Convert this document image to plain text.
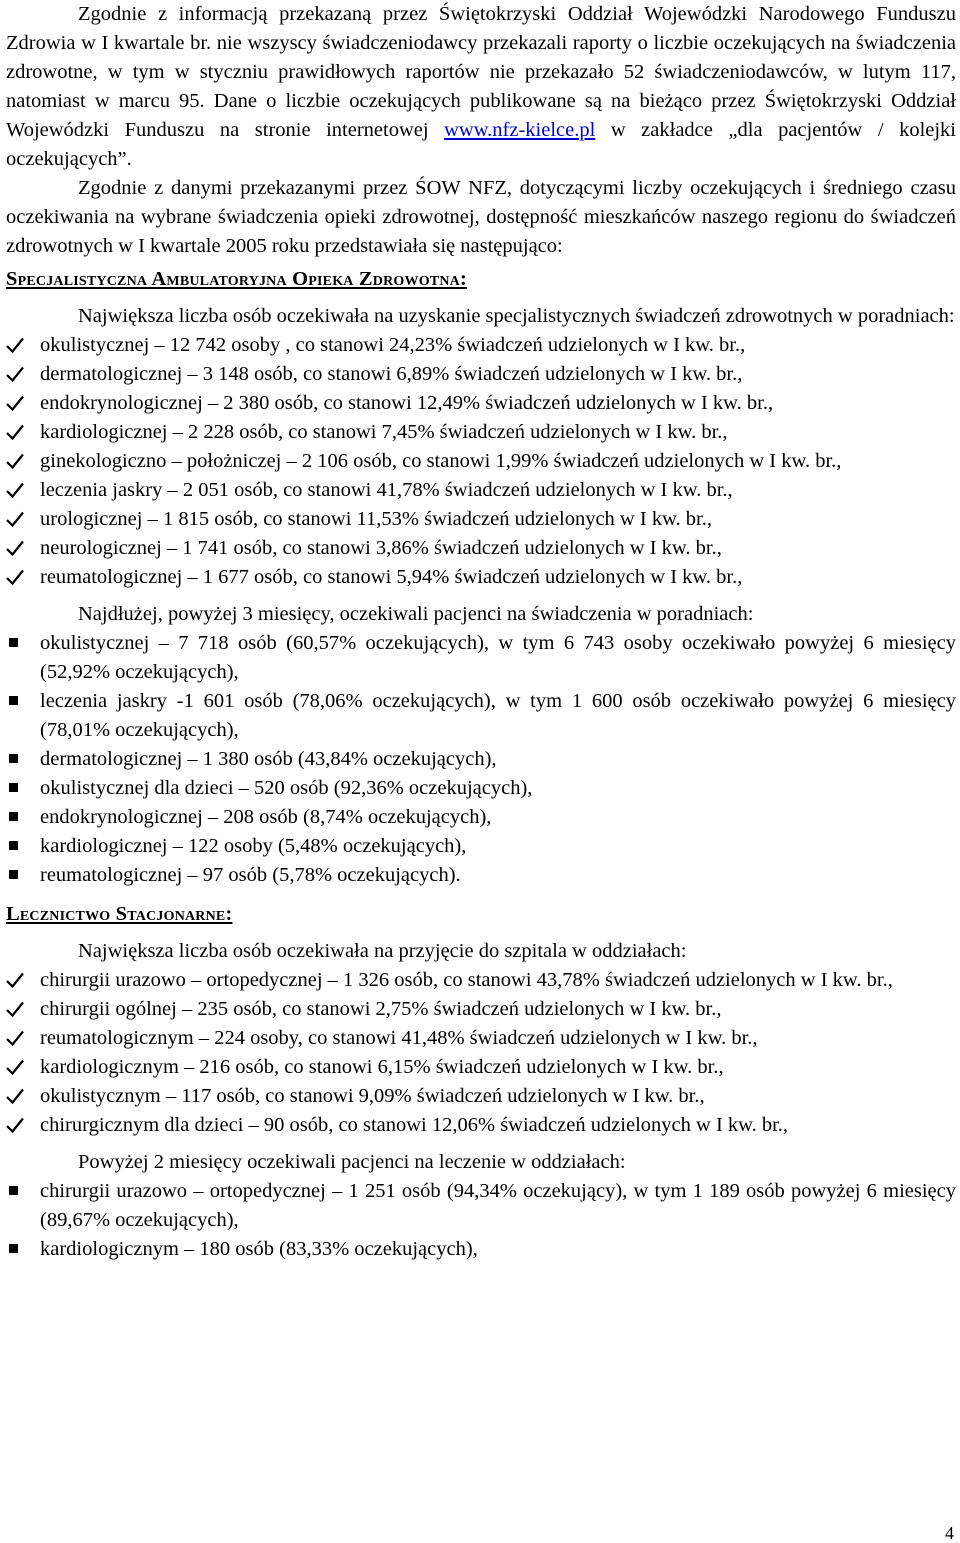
Zgodnie z informacją przekazaną przez Świętokrzyski Oddział Wojewódzki Narodowego Funduszu Zdrowia w I kwartale br. nie wszyscy świadczeniodawcy przekazali raporty o liczbie oczekujących na świadczenia zdrowotne, w tym w styczniu prawidłowych raportów nie przekazało 52 świadczeniodawców, w lutym 117, natomiast w marcu 95. Dane o liczbie oczekujących publikowane są na bieżąco przez Świętokrzyski Oddział Wojewódzki Funduszu na stronie internetowej www.nfz-kielce.pl w zakładce „dla pacjentów / kolejki oczekujących”.

Zgodnie z danymi przekazanymi przez ŚOW NFZ, dotyczącymi liczby oczekujących i średniego czasu oczekiwania na wybrane świadczenia opieki zdrowotnej, dostępność mieszkańców naszego regionu do świadczeń zdrowotnych w I kwartale 2005 roku przedstawiała się następująco:

Specjalistyczna Ambulatoryjna Opieka Zdrowotna:

Największa liczba osób oczekiwała na uzyskanie specjalistycznych świadczeń zdrowotnych w poradniach:

okulistycznej – 12 742 osoby , co stanowi 24,23% świadczeń udzielonych w I kw. br.,
dermatologicznej – 3 148 osób, co stanowi 6,89% świadczeń udzielonych w I kw. br.,
endokrynologicznej – 2 380 osób, co stanowi 12,49% świadczeń udzielonych w I kw. br.,
kardiologicznej – 2 228 osób, co stanowi 7,45% świadczeń udzielonych w I kw. br.,
ginekologiczno – położniczej – 2 106 osób, co stanowi 1,99% świadczeń udzielonych w I kw. br.,
leczenia jaskry – 2 051 osób, co stanowi 41,78% świadczeń udzielonych w I kw. br.,
urologicznej – 1 815 osób, co stanowi 11,53% świadczeń udzielonych w I kw. br.,
neurologicznej – 1 741 osób, co stanowi 3,86% świadczeń udzielonych w I kw. br.,
reumatologicznej – 1 677 osób, co stanowi 5,94% świadczeń udzielonych w I kw. br.,

Najdłużej, powyżej 3 miesięcy, oczekiwali pacjenci na świadczenia w poradniach:

okulistycznej – 7 718 osób (60,57% oczekujących), w tym 6 743 osoby oczekiwało powyżej 6 miesięcy (52,92% oczekujących),
leczenia jaskry -1 601 osób (78,06% oczekujących), w tym 1 600 osób oczekiwało powyżej 6 miesięcy (78,01% oczekujących),
dermatologicznej – 1 380 osób (43,84% oczekujących),
okulistycznej dla dzieci – 520 osób (92,36% oczekujących),
endokrynologicznej – 208 osób (8,74% oczekujących),
kardiologicznej – 122 osoby (5,48% oczekujących),
reumatologicznej – 97 osób (5,78% oczekujących).
Lecznictwo Stacjonarne:

Największa liczba osób oczekiwała na przyjęcie do szpitala w oddziałach:

chirurgii urazowo – ortopedycznej – 1 326 osób, co stanowi 43,78% świadczeń udzielonych w I kw. br.,
chirurgii ogólnej – 235 osób, co stanowi 2,75% świadczeń udzielonych w I kw. br.,
reumatologicznym – 224 osoby, co stanowi 41,48% świadczeń udzielonych w I kw. br.,
kardiologicznym – 216 osób, co stanowi 6,15% świadczeń udzielonych w I kw. br.,
okulistycznym – 117 osób, co stanowi 9,09% świadczeń udzielonych w I kw. br.,
chirurgicznym dla dzieci – 90 osób, co stanowi 12,06% świadczeń udzielonych w I kw. br.,

Powyżej 2 miesięcy oczekiwali pacjenci na leczenie w oddziałach:

chirurgii urazowo – ortopedycznej – 1 251 osób (94,34% oczekujący), w tym 1 189 osób powyżej 6 miesięcy (89,67% oczekujących),
kardiologicznym – 180 osób (83,33% oczekujących),
4
